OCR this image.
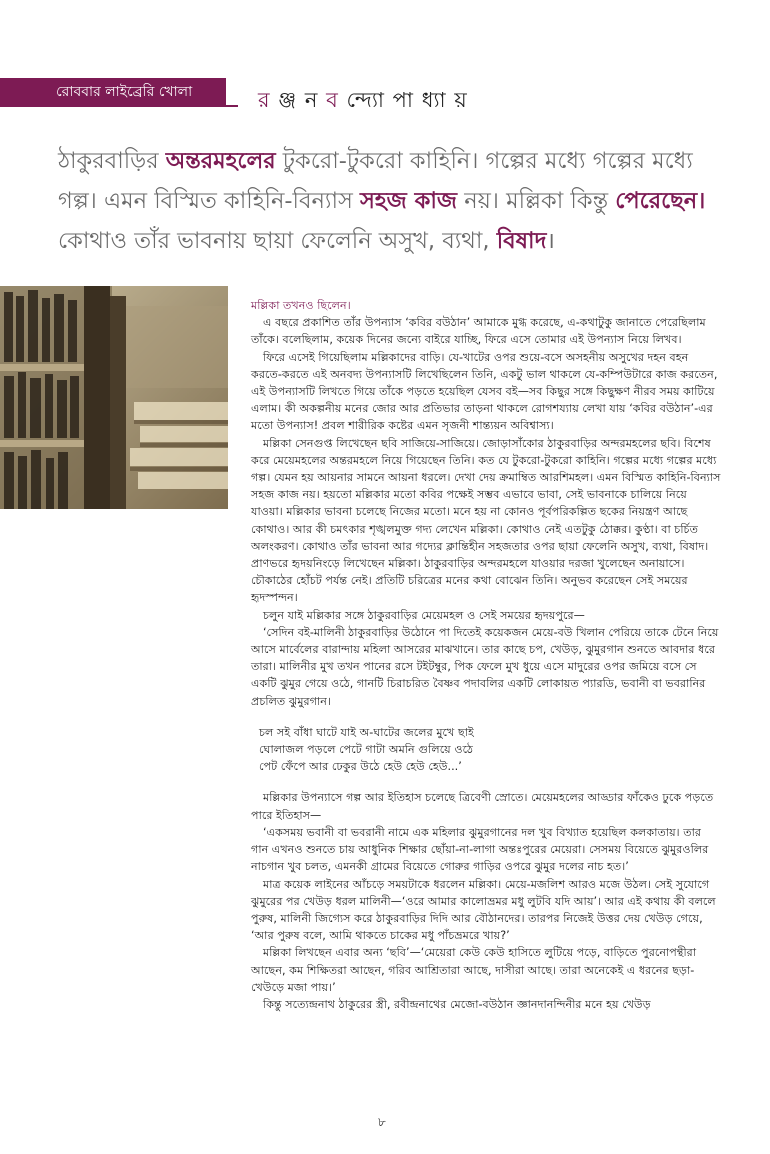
রোববার লাইব্রেরি খোলা	র ঞ্জ ন ব ন্দ্যো পা ধ্যা য়
ঠাকুরবাড়ির অন্তরমহলের টুকরো-টুকরো কাহিনি। গল্পের মধ্যে গল্পের মধ্যে গল্প। এমন বিস্মিত কাহিনি-বিন্যাস সহজ কাজ নয়। মল্লিকা কিন্তু পেরেছেন। কোথাও তাঁর ভাবনায় ছায়া ফেলেনি অসুখ, ব্যথা, বিষাদ।

মল্লিকা তখনও ছিলেন।

এ বছরে প্রকাশিত তাঁর উপন্যাস ‘কবির বউঠান’ আমাকে মুগ্ধ করেছে, এ-কথাটুকু জানাতে পেরেছিলাম তাঁকে। বলেছিলাম, কয়েক দিনের জন্যে বাইরে যাচ্ছি, ফিরে এসে তোমার এই উপন্যাস নিয়ে লিখব।

ফিরে এসেই গিয়েছিলাম মল্লিকাদের বাড়ি। যে-খাটের ওপর শুয়ে-বসে অসহনীয় অসুখের দহন বহন করতে-করতে এই অনবদ্য উপন্যাসটি লিখেছিলেন তিনি, একটু ভাল থাকলে যে-কম্পিউটারে কাজ করতেন, এই উপন্যাসটি লিখতে গিয়ে তাঁকে পড়তে হয়েছিল যেসব বই—সব কিছুর সঙ্গে কিছুক্ষণ নীরব সময় কাটিয়ে এলাম। কী অকল্পনীয় মনের জোর আর প্রতিভার তাড়না থাকলে রোগশয্যায় লেখা যায় ‘কবির বউঠান’-এর মতো উপন্যাস! প্রবল শারীরিক কষ্টের এমন সৃজনী শান্ত্যয়ন অবিশ্বাস্য।

মল্লিকা সেনগুপ্ত লিখেছেন ছবি সাজিয়ে-সাজিয়ে। জোড়াসাঁকোর ঠাকুরবাড়ির অন্দরমহলের ছবি। বিশেষ করে মেয়েমহলের অন্তরমহলে নিয়ে গিয়েছেন তিনি। কত যে টুকরো-টুকরো কাহিনি। গল্পের মধ্যে গল্পের মধ্যে গল্প। যেমন হয় আয়নার সামনে আয়না ধরলে। দেখা দেয় ক্রমাম্বিত আরশিমহল। এমন বিস্মিত কাহিনি-বিন্যাস সহজ কাজ নয়। হয়তো মল্লিকার মতো কবির পক্ষেই সম্ভব এভাবে ভাবা, সেই ভাবনাকে চালিয়ে নিয়ে যাওয়া। মল্লিকার ভাবনা চলেছে নিজের মতো। মনে হয় না কোনও পূর্বপরিকল্পিত ছকের নিয়ন্ত্রণ আছে কোথাও। আর কী চমৎকার শৃঙ্খলমুক্ত গদ্য লেখেন মল্লিকা। কোথাও নেই এতটুকু ঠোক্কর। কুণ্ঠা। বা চর্চিত অলংকরণ। কোথাও তাঁর ভাবনা আর গদ্যের ক্লান্তিহীন সহজতার ওপর ছায়া ফেলেনি অসুখ, ব্যথা, বিষাদ। প্রাণভরে হৃদয়নিংড়ে লিখেছেন মল্লিকা। ঠাকুরবাড়ির অন্দরমহলে যাওয়ার দরজা খুলেছেন অনায়াসে। চৌকাঠের হোঁচট পর্যন্ত নেই। প্রতিটি চরিত্রের মনের কথা বোঝেন তিনি। অনুভব করেছেন সেই সময়ের হৃদস্পন্দন।

চলুন যাই মল্লিকার সঙ্গে ঠাকুরবাড়ির মেয়েমহল ও সেই সময়ের হৃদয়পুরে—

‘সেদিন বই-মালিনী ঠাকুরবাড়ির উঠোনে পা দিতেই কয়েকজন মেয়ে-বউ খিলান পেরিয়ে তাকে টেনে নিয়ে আসে মার্বেলের বারান্দায় মহিলা আসরের মাঝখানে। তার কাছে চপ, খেউড়, ঝুমুরগান শুনতে আবদার ধরে তারা। মালিনীর মুখ তখন পানের রসে টইটম্বুর, পিক ফেলে মুখ ধুয়ে এসে মাদুরের ওপর জমিয়ে বসে সে একটি ঝুমুর গেয়ে ওঠে, গানটি চিরাচরিত বৈষ্ণব পদাবলির একটি লোকায়ত প্যারডি, ভবানী বা ভবরানির প্রচলিত ঝুমুরগান।

চল সই বাঁধা ঘাটে যাই অ-ঘাটের জলের মুখে ছাই

ঘোলাজল পড়লে পেটে গাটা অমনি গুলিয়ে ওঠে

পেট ফেঁপে আর ঢেকুর উঠে হেউ হেউ হেউ...’

মল্লিকার উপন্যাসে গল্প আর ইতিহাস চলেছে ত্রিবেণী স্রোতে। মেয়েমহলের আড্ডার ফাঁকেও ঢুকে পড়তে পারে ইতিহাস—

‘একসময় ভবানী বা ভবরানী নামে এক মহিলার ঝুমুরগানের দল খুব বিখ্যাত হয়েছিল কলকাতায়। তার গান এখনও শুনতে চায় আধুনিক শিক্ষার ছোঁয়া-না-লাগা অন্তঃপুরের মেয়েরা। সেসময় বিয়েতে ঝুমুরওলির নাচগান খুব চলত, এমনকী গ্রামের বিয়েতে গোরুর গাড়ির ওপরে ঝুমুর দলের নাচ হত।’

মাত্র কয়েক লাইনের আঁচড়ে সময়টাকে ধরলেন মল্লিকা। মেয়ে-মজলিশ আরও মজে উঠল। সেই সুযোগে ঝুমুরের পর খেউড় ধরল মালিনী—‘ওরে আমার কালোভ্রমর মধু লুটবি যদি আয়’। আর এই কথায় কী বললে পুরুষ, মালিনী জিগ্যেস করে ঠাকুরবাড়ির দিদি আর বৌঠানদের। তারপর নিজেই উত্তর দেয় খেউড় গেয়ে, ‘আর পুরুষ বলে, আমি থাকতে চাকের মধু পাঁচভ্রমরে খায়?’

মল্লিকা লিখছেন এবার অন্য ‘ছবি’—‘মেয়েরা কেউ কেউ হাসিতে লুটিয়ে পড়ে, বাড়িতে পুরনোপন্থীরা আছেন, কম শিক্ষিতরা আছেন, গরিব আশ্রিতারা আছে, দাসীরা আছে। তারা অনেকেই এ ধরনের ছড়া-খেউড়ে মজা পায়।’

কিন্তু সত্যেন্দ্রনাথ ঠাকুরের স্ত্রী, রবীন্দ্রনাথের মেজো-বউঠান জ্ঞানদানন্দিনীর মনে হয় খেউড়

৮
